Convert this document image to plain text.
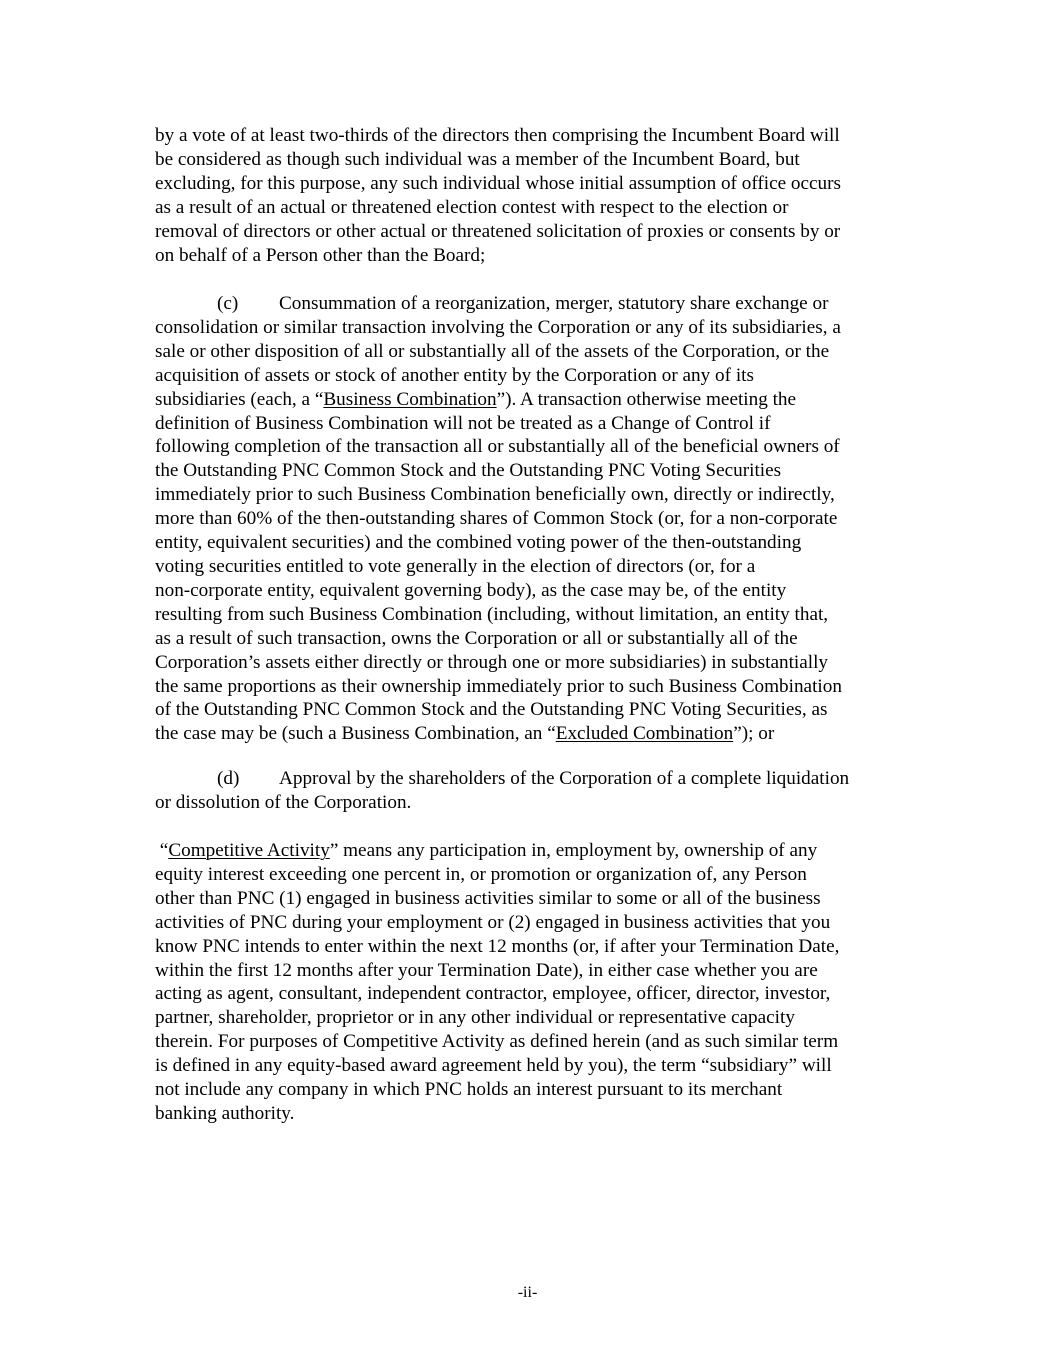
by a vote of at least two-thirds of the directors then comprising the Incumbent Board will
be considered as though such individual was a member of the Incumbent Board, but
excluding, for this purpose, any such individual whose initial assumption of office occurs
as a result of an actual or threatened election contest with respect to the election or
removal of directors or other actual or threatened solicitation of proxies or consents by or
on behalf of a Person other than the Board;
(c) Consummation of a reorganization, merger, statutory share exchange or
consolidation or similar transaction involving the Corporation or any of its subsidiaries, a
sale or other disposition of all or substantially all of the assets of the Corporation, or the
acquisition of assets or stock of another entity by the Corporation or any of its
subsidiaries (each, a “Business Combination”). A transaction otherwise meeting the
definition of Business Combination will not be treated as a Change of Control if
following completion of the transaction all or substantially all of the beneficial owners of
the Outstanding PNC Common Stock and the Outstanding PNC Voting Securities
immediately prior to such Business Combination beneficially own, directly or indirectly,
more than 60% of the then-outstanding shares of Common Stock (or, for a non-corporate
entity, equivalent securities) and the combined voting power of the then-outstanding
voting securities entitled to vote generally in the election of directors (or, for a
non-corporate entity, equivalent governing body), as the case may be, of the entity
resulting from such Business Combination (including, without limitation, an entity that,
as a result of such transaction, owns the Corporation or all or substantially all of the
Corporation’s assets either directly or through one or more subsidiaries) in substantially
the same proportions as their ownership immediately prior to such Business Combination
of the Outstanding PNC Common Stock and the Outstanding PNC Voting Securities, as
the case may be (such a Business Combination, an “Excluded Combination”); or
(d) Approval by the shareholders of the Corporation of a complete liquidation
or dissolution of the Corporation.
“Competitive Activity” means any participation in, employment by, ownership of any
equity interest exceeding one percent in, or promotion or organization of, any Person
other than PNC (1) engaged in business activities similar to some or all of the business
activities of PNC during your employment or (2) engaged in business activities that you
know PNC intends to enter within the next 12 months (or, if after your Termination Date,
within the first 12 months after your Termination Date), in either case whether you are
acting as agent, consultant, independent contractor, employee, officer, director, investor,
partner, shareholder, proprietor or in any other individual or representative capacity
therein. For purposes of Competitive Activity as defined herein (and as such similar term
is defined in any equity-based award agreement held by you), the term “subsidiary” will
not include any company in which PNC holds an interest pursuant to its merchant
banking authority.
-ii-
